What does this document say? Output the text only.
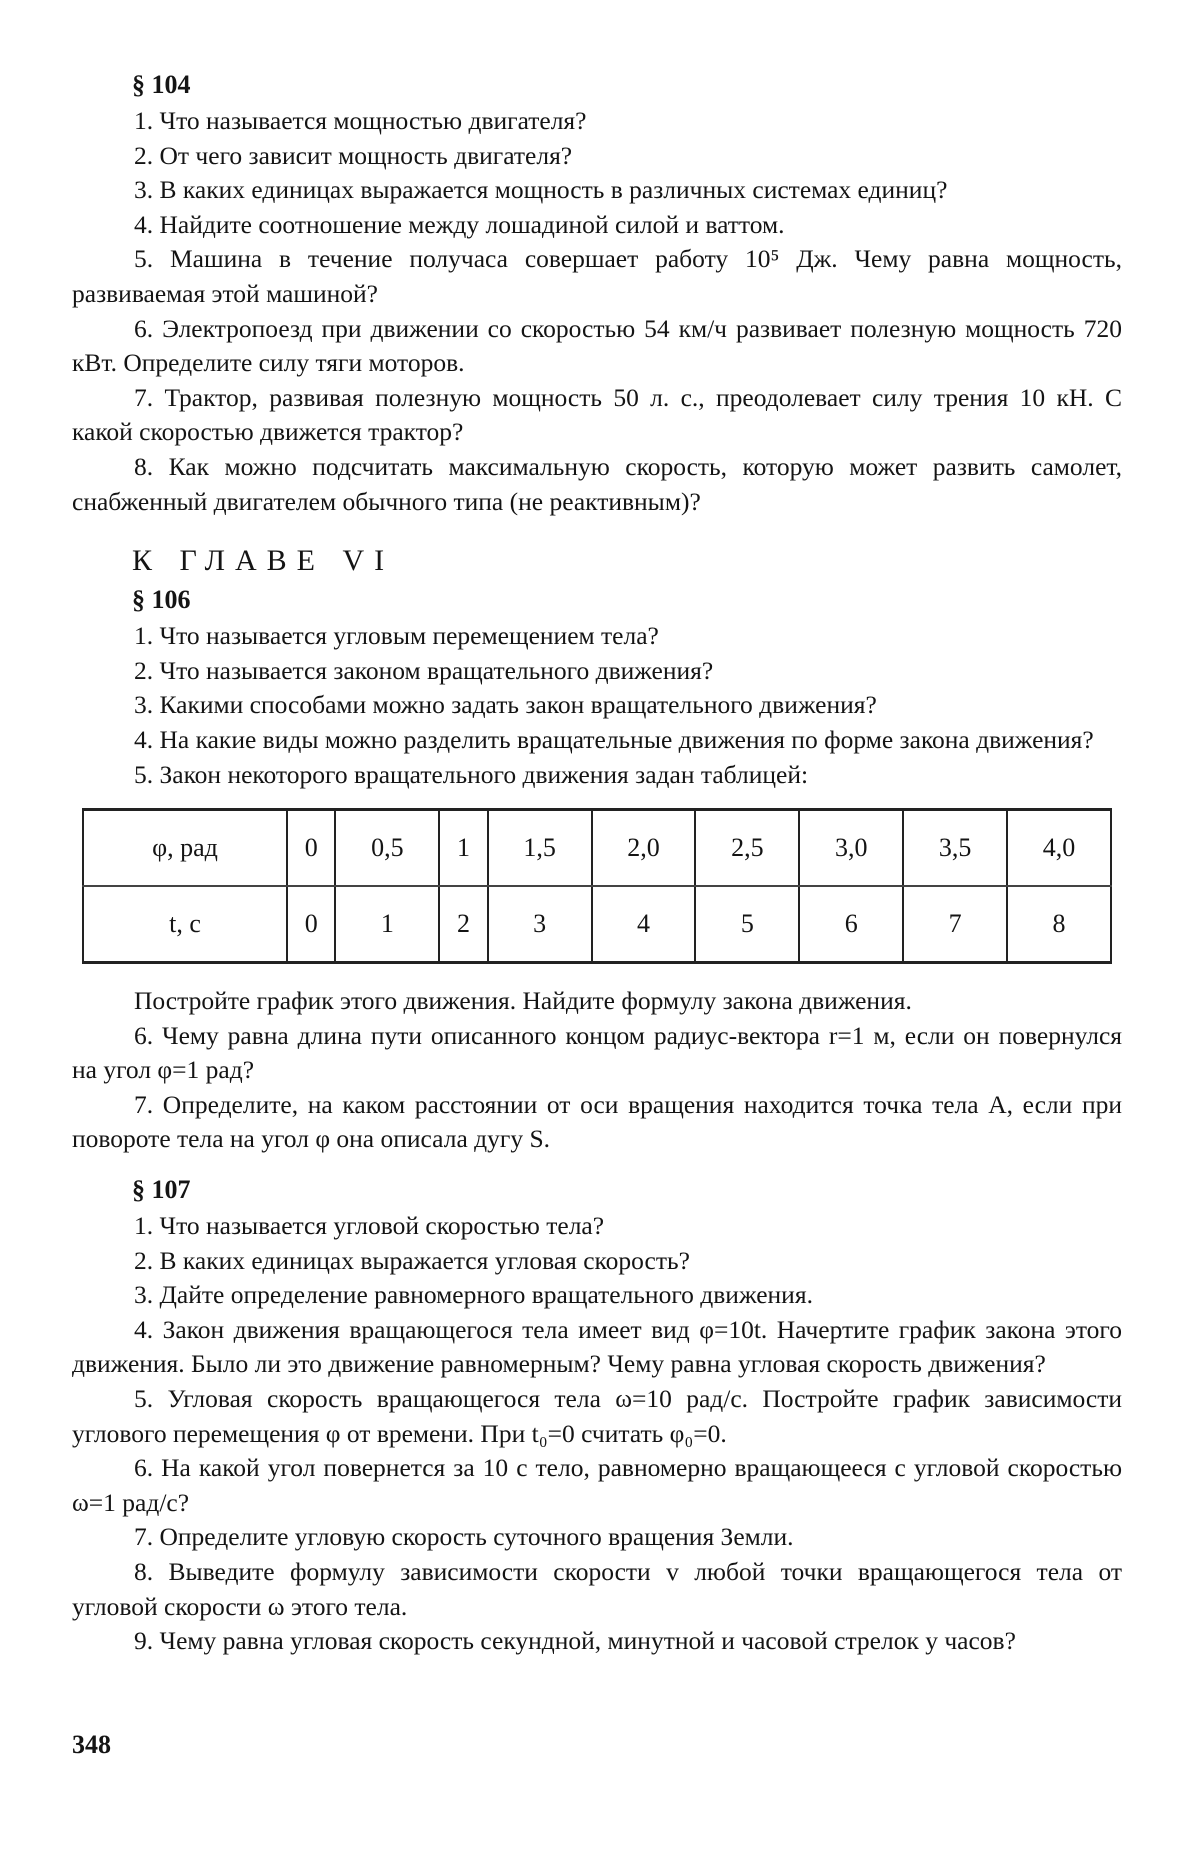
§ 104

1. Что называется мощностью двигателя?

2. От чего зависит мощность двигателя?

3. В каких единицах выражается мощность в различных системах единиц?

4. Найдите соотношение между лошадиной силой и ваттом.

5. Машина в течение получаса совершает работу 10⁵ Дж. Чему равна мощность, развиваемая этой машиной?

6. Электропоезд при движении со скоростью 54 км/ч развивает полезную мощность 720 кВт. Определите силу тяги моторов.

7. Трактор, развивая полезную мощность 50 л. с., преодолевает силу трения 10 кН. С какой скоростью движется трактор?

8. Как можно подсчитать максимальную скорость, которую может развить самолет, снабженный двигателем обычного типа (не реактивным)?

К ГЛАВЕ VI
§ 106

1. Что называется угловым перемещением тела?

2. Что называется законом вращательного движения?

3. Какими способами можно задать закон вращательного движения?

4. На какие виды можно разделить вращательные движения по форме закона движения?

5. Закон некоторого вращательного движения задан таблицей:

φ, рад	0	0,5	1	1,5	2,0	2,5	3,0	3,5	4,0
t, с	0	1	2	3	4	5	6	7	8

Постройте график этого движения. Найдите формулу закона движения.

6. Чему равна длина пути описанного концом радиус-вектора r=1 м, если он повернулся на угол φ=1 рад?

7. Определите, на каком расстоянии от оси вращения находится точка тела A, если при повороте тела на угол φ она описала дугу S.

§ 107

1. Что называется угловой скоростью тела?

2. В каких единицах выражается угловая скорость?

3. Дайте определение равномерного вращательного движения.

4. Закон движения вращающегося тела имеет вид φ=10t. Начертите график закона этого движения. Было ли это движение равномерным? Чему равна угловая скорость движения?

5. Угловая скорость вращающегося тела ω=10 рад/с. Постройте график зависимости углового перемещения φ от времени. При t₀=0 считать φ₀=0.

6. На какой угол повернется за 10 с тело, равномерно вращающееся с угловой скоростью ω=1 рад/с?

7. Определите угловую скорость суточного вращения Земли.

8. Выведите формулу зависимости скорости v любой точки вращающегося тела от угловой скорости ω этого тела.

9. Чему равна угловая скорость секундной, минутной и часовой стрелок у часов?

348
